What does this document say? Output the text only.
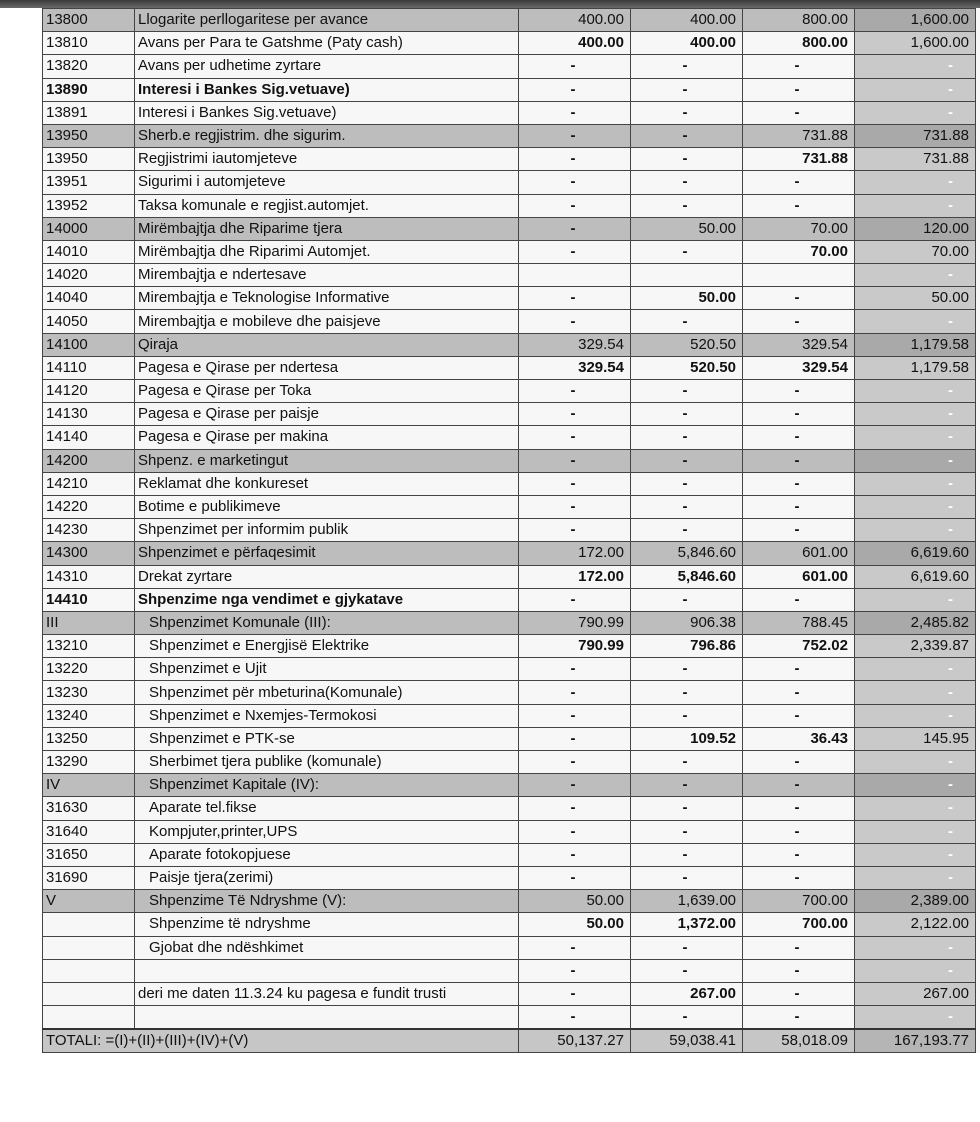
13800	Llogarite perllogaritese per avance	400.00	400.00	800.00	1,600.00
13810	Avans per Para te Gatshme (Paty cash)	400.00	400.00	800.00	1,600.00
13820	Avans per udhetime zyrtare	-	-	-	-
13890	Interesi i Bankes Sig.vetuave)	-	-	-	-
13891	Interesi i Bankes Sig.vetuave)	-	-	-	-
13950	Sherb.e regjistrim. dhe sigurim.	-	-	731.88	731.88
13950	Regjistrimi iautomjeteve	-	-	731.88	731.88
13951	Sigurimi i automjeteve	-	-	-	-
13952	Taksa komunale e regjist.automjet.	-	-	-	-
14000	Mirëmbajtja dhe Riparime tjera	-	50.00	70.00	120.00
14010	Mirëmbajtja dhe Riparimi Automjet.	-	-	70.00	70.00
14020	Mirembajtja e ndertesave				-
14040	Mirembajtja e Teknologise Informative	-	50.00	-	50.00
14050	Mirembajtja e mobileve dhe paisjeve	-	-	-	-
14100	Qiraja	329.54	520.50	329.54	1,179.58
14110	Pagesa e Qirase per ndertesa	329.54	520.50	329.54	1,179.58
14120	Pagesa e Qirase per Toka	-	-	-	-
14130	Pagesa e Qirase per paisje	-	-	-	-
14140	Pagesa e Qirase per makina	-	-	-	-
14200	Shpenz. e marketingut	-	-	-	-
14210	Reklamat dhe konkureset	-	-	-	-
14220	Botime e publikimeve	-	-	-	-
14230	Shpenzimet per informim publik	-	-	-	-
14300	Shpenzimet e përfaqesimit	172.00	5,846.60	601.00	6,619.60
14310	Drekat zyrtare	172.00	5,846.60	601.00	6,619.60
14410	Shpenzime nga vendimet e gjykatave	-	-	-	-
III	Shpenzimet Komunale (III):	790.99	906.38	788.45	2,485.82
13210	Shpenzimet e Energjisë Elektrike	790.99	796.86	752.02	2,339.87
13220	Shpenzimet e Ujit	-	-	-	-
13230	Shpenzimet për mbeturina(Komunale)	-	-	-	-
13240	Shpenzimet e Nxemjes-Termokosi	-	-	-	-
13250	Shpenzimet e PTK-se	-	109.52	36.43	145.95
13290	Sherbimet tjera publike (komunale)	-	-	-	-
IV	Shpenzimet Kapitale (IV):	-	-	-	-
31630	Aparate tel.fikse	-	-	-	-
31640	Kompjuter,printer,UPS	-	-	-	-
31650	Aparate fotokopjuese	-	-	-	-
31690	Paisje tjera(zerimi)	-	-	-	-
V	Shpenzime Të Ndryshme (V):	50.00	1,639.00	700.00	2,389.00
	Shpenzime të ndryshme	50.00	1,372.00	700.00	2,122.00
	Gjobat dhe ndëshkimet	-	-	-	-
		-	-	-	-
	deri me daten 11.3.24 ku pagesa e fundit trusti	-	267.00	-	267.00
		-	-	-	-
TOTALI: =(I)+(II)+(III)+(IV)+(V)		50,137.27	59,038.41	58,018.09	167,193.77
